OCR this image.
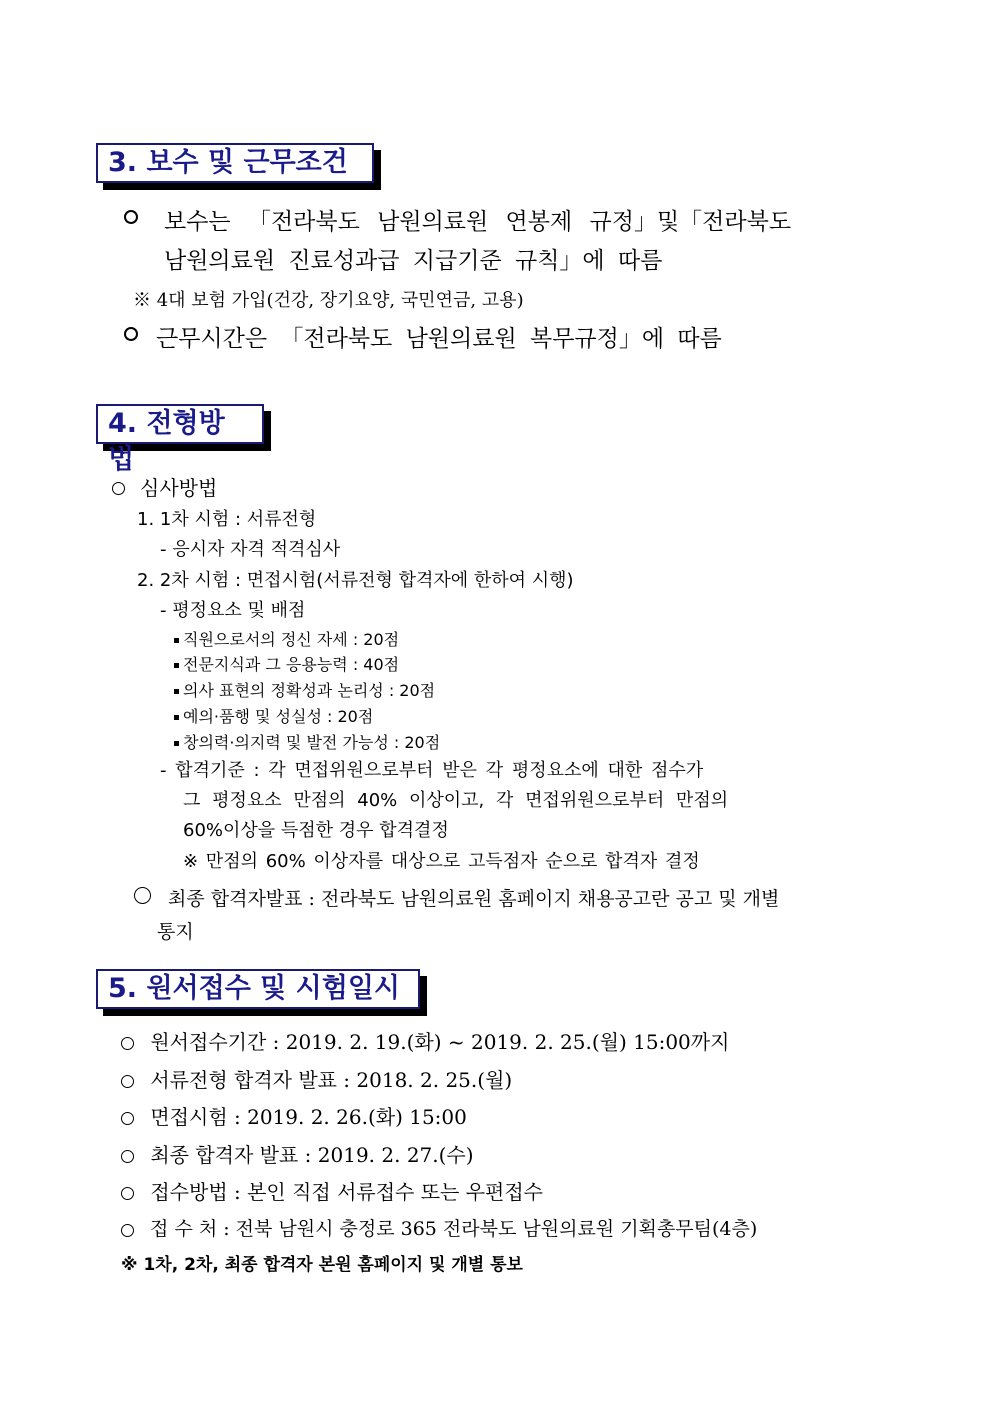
3. 보수 및 근무조건
보수는 「전라북도 남원의료원 연봉제 규정」및「전라북도
남원의료원 진료성과급 지급기준 규칙」에 따름
※ 4대 보험 가입(건강, 장기요양, 국민연금, 고용)
근무시간은 「전라북도 남원의료원 복무규정」에 따름
4. 전형방법
심사방법
1. 1차 시험 : 서류전형
- 응시자 자격 적격심사
2. 2차 시험 : 면접시험(서류전형 합격자에 한하여 시행)
- 평정요소 및 배점
직원으로서의 정신 자세 : 20점
전문지식과 그 응용능력 : 40점
의사 표현의 정확성과 논리성 : 20점
예의·품행 및 성실성 : 20점
창의력·의지력 및 발전 가능성 : 20점
- 합격기준 : 각 면접위원으로부터 받은 각 평정요소에 대한 점수가
그 평정요소 만점의 40% 이상이고, 각 면접위원으로부터 만점의
60%이상을 득점한 경우 합격결정
※ 만점의 60% 이상자를 대상으로 고득점자 순으로 합격자 결정
최종 합격자발표 : 전라북도 남원의료원 홈페이지 채용공고란 공고 및 개별
통지
5. 원서접수 및 시험일시
원서접수기간 : 2019. 2. 19.(화) ~ 2019. 2. 25.(월) 15:00까지
서류전형 합격자 발표 : 2018. 2. 25.(월)
면접시험 : 2019. 2. 26.(화) 15:00
최종 합격자 발표 : 2019. 2. 27.(수)
접수방법 : 본인 직접 서류접수 또는 우편접수
접 수 처 : 전북 남원시 충정로 365 전라북도 남원의료원 기획총무팀(4층)
※ 1차, 2차, 최종 합격자 본원 홈페이지 및 개별 통보
